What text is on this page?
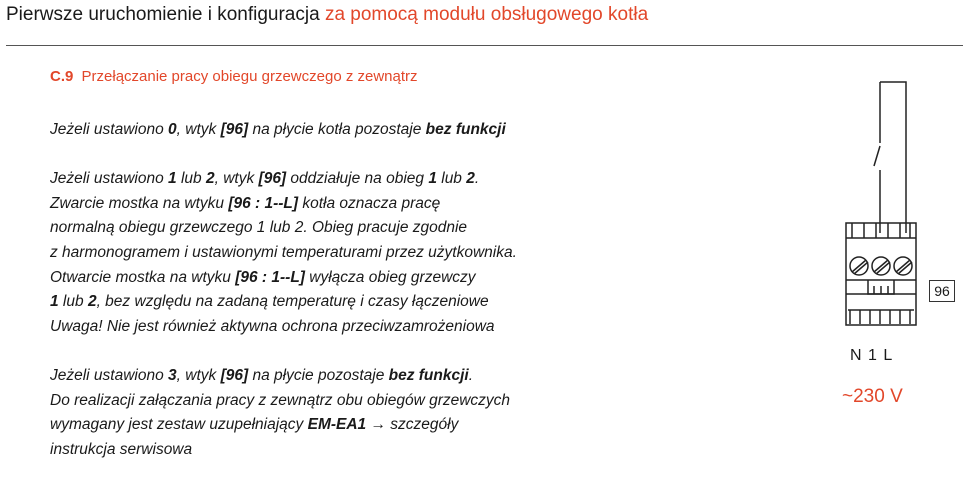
Pierwsze uruchomienie i konfiguracja za pomocą modułu obsługowego kotła
C.9 Przełączanie pracy obiegu grzewczego z zewnątrz

Jeżeli ustawiono 0, wtyk [96] na płycie kotła pozostaje bez funkcji

Jeżeli ustawiono 1 lub 2, wtyk [96] oddziałuje na obieg 1 lub 2.

Zwarcie mostka na wtyku [96 : 1--L] kotła oznacza pracę

normalną obiegu grzewczego 1 lub 2. Obieg pracuje zgodnie

z harmonogramem i ustawionymi temperaturami przez użytkownika.

Otwarcie mostka na wtyku [96 : 1--L] wyłącza obieg grzewczy

1 lub 2, bez względu na zadaną temperaturę i czasy łączeniowe

Uwaga! Nie jest również aktywna ochrona przeciwzamrożeniowa

Jeżeli ustawiono 3, wtyk [96] na płycie pozostaje bez funkcji.

Do realizacji załączania pracy z zewnątrz obu obiegów grzewczych

wymagany jest zestaw uzupełniający EM-EA1 → szczegóły

instrukcja serwisowa

96
N 1 L
~230 V
